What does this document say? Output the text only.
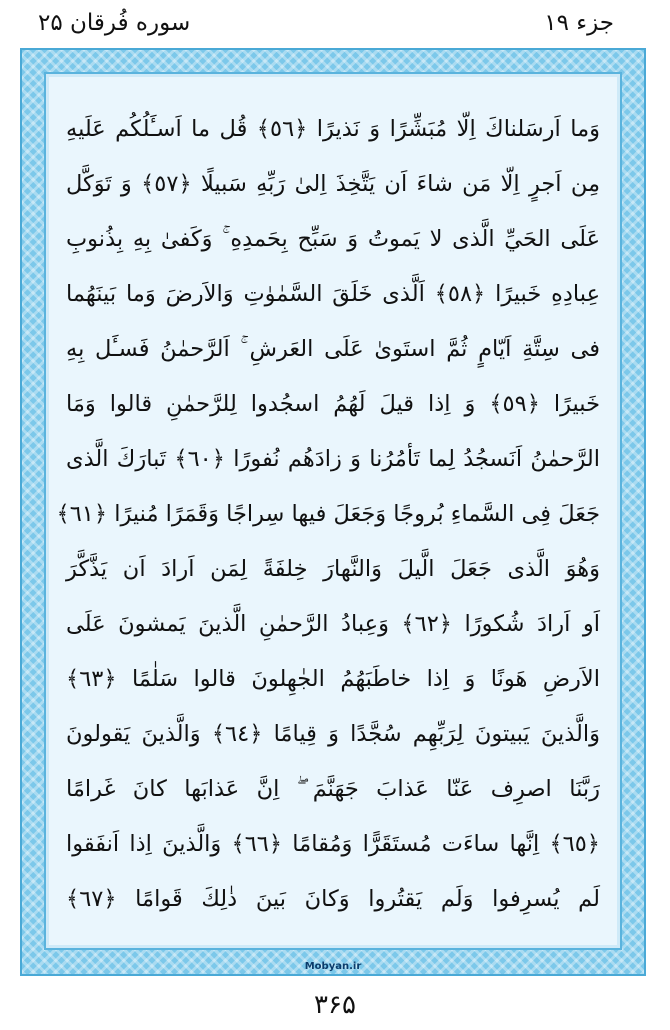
سوره فُرقان ۲۵	جزء ۱۹
وَما اَرسَلناكَ اِلّا مُبَشِّرًا وَ نَذيرًا ﴿٥٦﴾ قُل ما اَسـَٔلُكُم عَلَيهِ
مِن اَجرٍ اِلّا مَن شاءَ اَن يَتَّخِذَ اِلىٰ رَبِّهِ سَبيلًا ﴿٥٧﴾ وَ تَوَكَّل
عَلَى الحَيِّ الَّذى لا يَموتُ وَ سَبِّح بِحَمدِهِ ۚ وَكَفىٰ بِهِ بِذُنوبِ
عِبادِهِ خَبيرًا ﴿٥٨﴾ اَلَّذى خَلَقَ السَّمٰوٰتِ وَالاَرضَ وَما بَينَهُما
فى سِتَّةِ اَيّامٍ ثُمَّ استَوىٰ عَلَى العَرشِ ۚ اَلرَّحمٰنُ فَسـَٔل بِهِ
خَبيرًا ﴿٥٩﴾ وَ اِذا قيلَ لَهُمُ اسجُدوا لِلرَّحمٰنِ قالوا وَمَا
الرَّحمٰنُ اَنَسجُدُ لِما تَأمُرُنا وَ زادَهُم نُفورًا ﴿٦٠﴾ تَبارَكَ الَّذى
جَعَلَ فِى السَّماءِ بُروجًا وَجَعَلَ فيها سِراجًا وَقَمَرًا مُنيرًا ﴿٦١﴾
وَهُوَ الَّذى جَعَلَ الَّيلَ وَالنَّهارَ خِلفَةً لِمَن اَرادَ اَن يَذَّكَّرَ
اَو اَرادَ شُكورًا ﴿٦٢﴾ وَعِبادُ الرَّحمٰنِ الَّذينَ يَمشونَ عَلَى
الاَرضِ هَونًا وَ اِذا خاطَبَهُمُ الجٰهِلونَ قالوا سَلٰمًا ﴿٦٣﴾
وَالَّذينَ يَبيتونَ لِرَبِّهِم سُجَّدًا وَ قِيامًا ﴿٦٤﴾ وَالَّذينَ يَقولونَ
رَبَّنَا اصرِف عَنّا عَذابَ جَهَنَّمَ ۖ اِنَّ عَذابَها كانَ غَرامًا
﴿٦٥﴾ اِنَّها ساءَت مُستَقَرًّا وَمُقامًا ﴿٦٦﴾ وَالَّذينَ اِذا اَنفَقوا
لَم يُسرِفوا وَلَم يَقتُروا وَكانَ بَينَ ذٰلِكَ قَوامًا ﴿٦٧﴾
Mobyan.ir
۳۶۵
